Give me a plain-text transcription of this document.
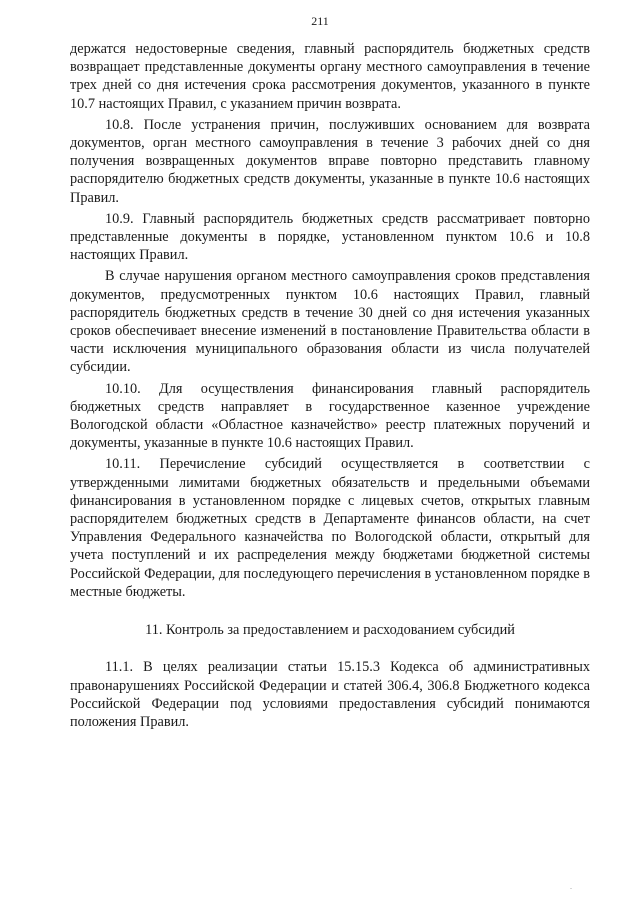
211

держатся недостоверные сведения, главный распорядитель бюджетных средств возвращает представленные документы органу местного самоуправления в течение трех дней со дня истечения срока рассмотрения документов, указанного в пункте 10.7 настоящих Правил, с указанием причин возврата.

10.8. После устранения причин, послуживших основанием для возврата документов, орган местного самоуправления в течение 3 рабочих дней со дня получения возвращенных документов вправе повторно представить главному распорядителю бюджетных средств документы, указанные в пункте 10.6 настоящих Правил.

10.9. Главный распорядитель бюджетных средств рассматривает повторно представленные документы в порядке, установленном пунктом 10.6 и 10.8 настоящих Правил.

В случае нарушения органом местного самоуправления сроков представления документов, предусмотренных пунктом 10.6 настоящих Правил, главный распорядитель бюджетных средств в течение 30 дней со дня истечения указанных сроков обеспечивает внесение изменений в постановление Правительства области в части исключения муниципального образования области из числа получателей субсидии.

10.10. Для осуществления финансирования главный распорядитель бюджетных средств направляет в государственное казенное учреждение Вологодской области «Областное казначейство» реестр платежных поручений и документы, указанные в пункте 10.6 настоящих Правил.

10.11. Перечисление субсидий осуществляется в соответствии с утвержденными лимитами бюджетных обязательств и предельными объемами финансирования в установленном порядке с лицевых счетов, открытых главным распорядителем бюджетных средств в Департаменте финансов области, на счет Управления Федерального казначейства по Вологодской области, открытый для учета поступлений и их распределения между бюджетами бюджетной системы Российской Федерации, для последующего перечисления в установленном порядке в местные бюджеты.

11. Контроль за предоставлением и расходованием субсидий

11.1. В целях реализации статьи 15.15.3 Кодекса об административных правонарушениях Российской Федерации и статей 306.4, 306.8 Бюджетного кодекса Российской Федерации под условиями предоставления субсидий понимаются положения Правил.

.
